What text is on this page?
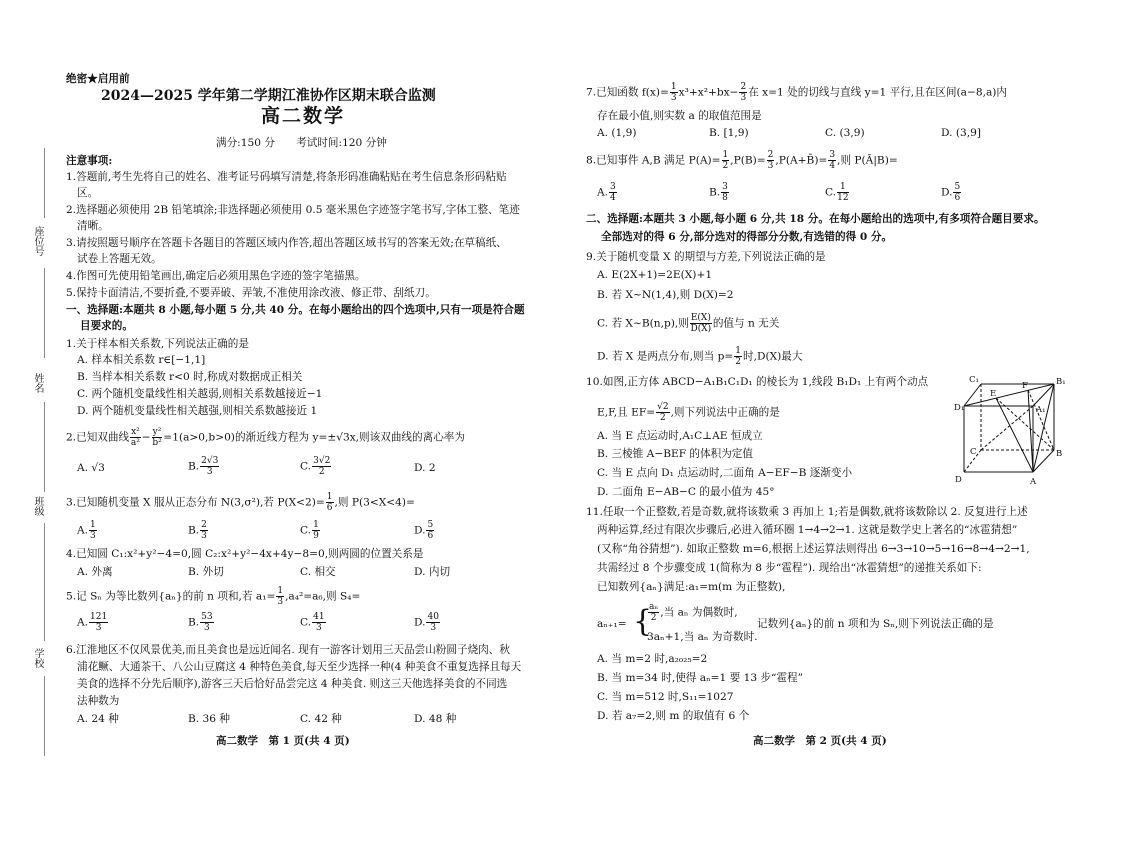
绝密★启用前
2024—2025 学年第二学期江淮协作区期末联合监测
高二数学
满分:150 分　　考试时间:120 分钟
座位号
姓名
班级
学校
注意事项:
1.答题前,考生先将自己的姓名、准考证号码填写清楚,将条形码准确粘贴在考生信息条形码粘贴
区。
2.选择题必须使用 2B 铅笔填涂;非选择题必须使用 0.5 毫米黑色字迹签字笔书写,字体工整、笔迹
清晰。
3.请按照题号顺序在答题卡各题目的答题区域内作答,超出答题区域书写的答案无效;在草稿纸、
试卷上答题无效。
4.作图可先使用铅笔画出,确定后必须用黑色字迹的签字笔描黑。
5.保持卡面清洁,不要折叠,不要弄破、弄皱,不准使用涂改液、修正带、刮纸刀。
一、选择题:本题共 8 小题,每小题 5 分,共 40 分。在每小题给出的四个选项中,只有一项是符合题
目要求的。
1.关于样本相关系数,下列说法正确的是
A. 样本相关系数 r∈[−1,1]
B. 当样本相关系数 r<0 时,称成对数据成正相关
C. 两个随机变量线性相关越弱,则相关系数越接近−1
D. 两个随机变量线性相关越强,则相关系数越接近 1
2.已知双曲线 $\frac{\text{x²}}{\text{a²}} - \frac{\text{y²}}{\text{b²}} =1(a>0,b>0)$的渐近线方程为 y=±√3x,则该双曲线的离心率为
A. √3	B. $\frac{2√3}{3}$	C. $\frac{3√2}{2}$	D. 2
3.已知随机变量 X 服从正态分布 N(3,σ²),若 $P(X<2)= \frac{1}{6}$ ,则 P(3<X<4)=
A. $\frac{1}{3}$	B. $\frac{2}{3}$	C. $\frac{1}{9}$	D. $\frac{5}{6}$
4.已知圆 C₁:x²+y²−4=0,圆 C₂:x²+y²−4x+4y−8=0,则两圆的位置关系是
A. 外离	B. 外切	C. 相交	D. 内切
5.记 Sₙ 为等比数列{aₙ}的前 n 项和,若 $a_1= \frac{1}{3} ,a_4^2=a_6$,则 S₄=
A. $\frac{121}{3}$	B. $\frac{53}{3}$	C. $\frac{41}{3}$	D. $\frac{40}{3}$
6.江淮地区不仅风景优美,而且美食也是远近闻名. 现有一游客计划用三天品尝山粉圆子烧肉、秋
浦花鳜、大通茶干、八公山豆腐这 4 种特色美食,每天至少选择一种(4 种美食不重复选择且每天
美食的选择不分先后顺序),游客三天后恰好品尝完这 4 种美食. 则这三天他选择美食的不同选
法种数为
A. 24 种	B. 36 种	C. 42 种	D. 48 种
高二数学　第 1 页(共 4 页)
7.已知函数 $f(x)= \frac{1}{3} x^3+x^2+bx- \frac{2}{3}$ 在 x=1 处的切线与直线 y=1 平行,且在区间(a−8,a)内
存在最小值,则实数 a 的取值范围是
A. (1,9)	B. [1,9)	C. (3,9)	D. (3,9]
8.已知事件 A,B 满足 $P(A)= \frac{1}{2} ,P(B)= \frac{2}{3}$ ,P(A+B̄)= $\frac{3}{4}$ ,则 P(Ā|B)=
A. $\frac{3}{4}$	B. $\frac{3}{8}$	C. $\frac{1}{12}$	D. $\frac{5}{6}$
二、选择题:本题共 3 小题,每小题 6 分,共 18 分。在每小题给出的选项中,有多项符合题目要求。
全部选对的得 6 分,部分选对的得部分分数,有选错的得 0 分。
9.关于随机变量 X 的期望与方差,下列说法正确的是
A. E(2X+1)=2E(X)+1
B. 若 X~N(1,4),则 D(X)=2
C. 若 X~B(n,p),则 $\frac{E(X)}{D(X)}$ 的值与 n 无关
D. 若 X 是两点分布,则当 $p= \frac{1}{2}$ 时,D(X)最大
10.如图,正方体 ABCD−A₁B₁C₁D₁ 的棱长为 1,线段 B₁D₁ 上有两个动点
E,F,且 $EF= \frac{√2}{2}$ ,则下列说法中正确的是
A. 当 E 点运动时,A₁C⊥AE 恒成立
B. 三棱锥 A−BEF 的体积为定值
C. 当 E 点向 D₁ 点运动时,二面角 A−EF−B 逐渐变小
D. 二面角 E−AB−C 的最小值为 45°
C₁	B₁
D₁
E
F
A₁
C
D
B
A
11.任取一个正整数,若是奇数,就将该数乘 3 再加上 1;若是偶数,就将该数除以 2. 反复进行上述
两种运算,经过有限次步骤后,必进入循环圈 1→4→2→1. 这就是数学史上著名的“冰雹猜想”
(又称“角谷猜想”). 如取正整数 m=6,根据上述运算法则得出 6→3→10→5→16→8→4→2→1,
共需经过 8 个步骤变成 1(简称为 8 步“雹程”). 现给出“冰雹猜想”的递推关系如下:
已知数列{aₙ}满足:a₁=m(m 为正整数),
aₙ₊₁= {
$\frac{\text{aₙ}}{2}$ ,当 aₙ 为偶数时,
3aₙ+1,当 aₙ 为奇数时.
记数列{aₙ}的前 n 项和为 Sₙ,则下列说法正确的是
A. 当 m=2 时,a₂₀₂₅=2
B. 当 m=34 时,使得 aₙ=1 要 13 步“雹程”
C. 当 m=512 时,S₁₁=1027
D. 若 a₇=2,则 m 的取值有 6 个
高二数学　第 2 页(共 4 页)
